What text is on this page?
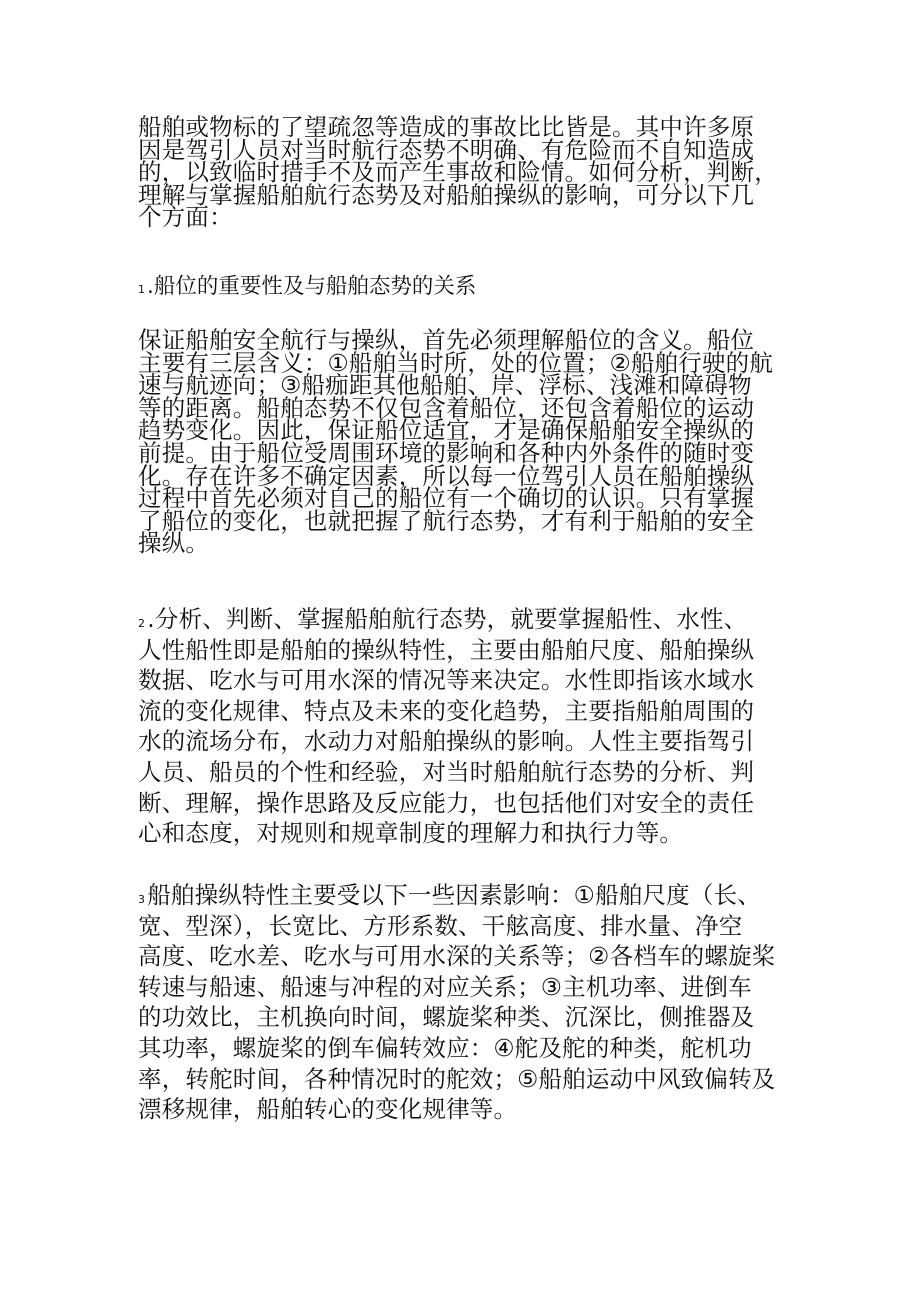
船舶或物标的了望疏忽等造成的事故比比皆是。其中许多原
因是驾引人员对当时航行态势不明确、有危险而不自知造成
的，以致临时措手不及而产生事故和险情。如何分析，判断，
理解与掌握船舶航行态势及对船舶操纵的影响，可分以下几
个方面：
1.船位的重要性及与船舶态势的关系
保证船舶安全航行与操纵，首先必须理解船位的含义。船位
主要有三层含义：①船舶当时所，处的位置；②船舶行驶的航
速与航迹向；③船痂距其他船舶、岸、浮标、浅滩和障碍物
等的距离。船舶态势不仅包含着船位，还包含着船位的运动
趋势变化。因此，保证船位适宜，才是确保船舶安全操纵的
前提。由于船位受周围环境的影响和各种内外条件的随时变
化。存在许多不确定因素，所以每一位驾引人员在船舶操纵
过程中首先必须对自己的船位有一个确切的认识。只有掌握
了船位的变化，也就把握了航行态势，才有利于船舶的安全
操纵。
2.分析、判断、掌握船舶航行态势，就要掌握船性、水性、
人性船性即是船舶的操纵特性，主要由船舶尺度、船舶操纵
数据、吃水与可用水深的情况等来决定。水性即指该水域水
流的变化规律、特点及未来的变化趋势，主要指船舶周围的
水的流场分布，水动力对船舶操纵的影响。人性主要指驾引
人员、船员的个性和经验，对当时船舶航行态势的分析、判
断、理解，操作思路及反应能力，也包括他们对安全的责任
心和态度，对规则和规章制度的理解力和执行力等。
3船舶操纵特性主要受以下一些因素影响：①船舶尺度（长、
宽、型深），长宽比、方形系数、干舷高度、排水量、净空
高度、吃水差、吃水与可用水深的关系等；②各档车的螺旋桨
转速与船速、船速与冲程的对应关系；③主机功率、进倒车
的功效比，主机换向时间，螺旋桨种类、沉深比，侧推器及
其功率，螺旋桨的倒车偏转效应：④舵及舵的种类，舵机功
率，转舵时间，各种情况时的舵效；⑤船舶运动中风致偏转及
漂移规律，船舶转心的变化规律等。
